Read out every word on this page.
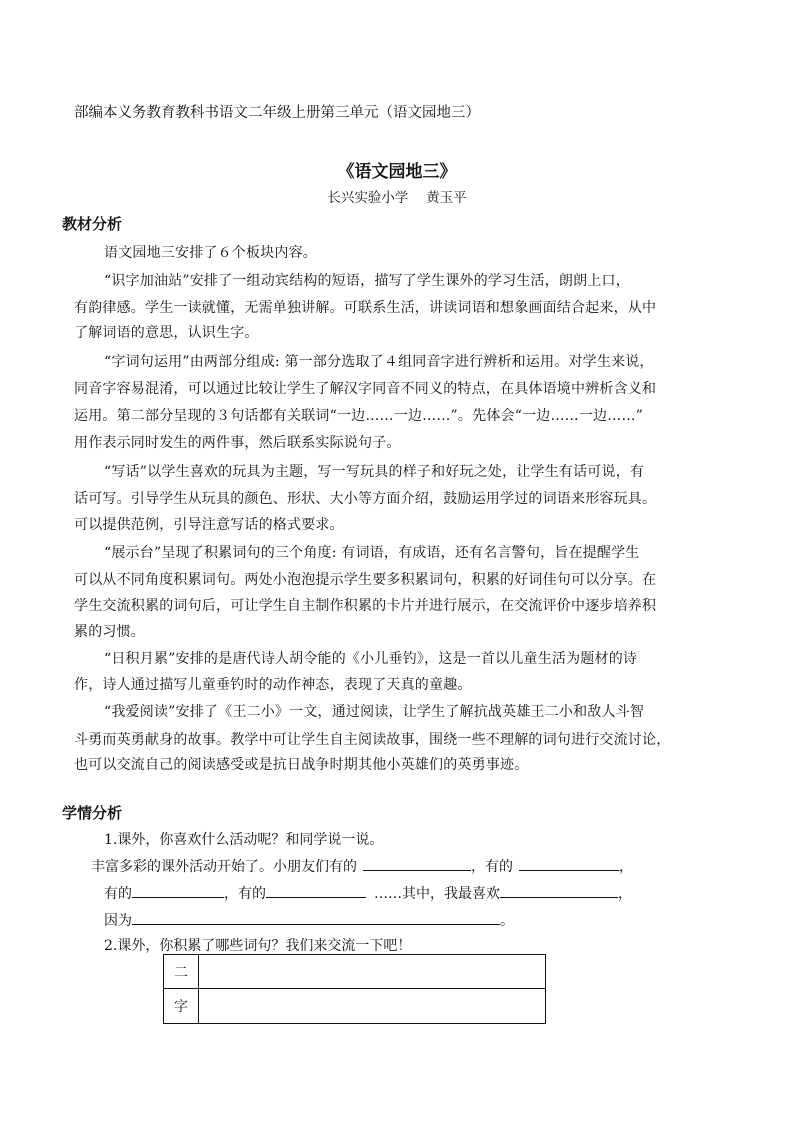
部编本义务教育教科书语文二年级上册第三单元（语文园地三）
《语文园地三》
长兴实验小学　 黄玉平
教材分析
语文园地三安排了６个板块内容。
“识字加油站”安排了一组动宾结构的短语，描写了学生课外的学习生活，朗朗上口，
有韵律感。学生一读就懂，无需单独讲解。可联系生活，讲读词语和想象画面结合起来，从中
了解词语的意思，认识生字。
“字词句运用”由两部分组成: 第一部分选取了４组同音字进行辨析和运用。对学生来说，
同音字容易混淆，可以通过比较让学生了解汉字同音不同义的特点，在具体语境中辨析含义和
运用。第二部分呈现的３句话都有关联词“一边……一边……”。先体会“一边……一边……”
用作表示同时发生的两件事，然后联系实际说句子。
“写话”以学生喜欢的玩具为主题，写一写玩具的样子和好玩之处，让学生有话可说，有
话可写。引导学生从玩具的颜色、形状、大小等方面介绍，鼓励运用学过的词语来形容玩具。
可以提供范例，引导注意写话的格式要求。
“展示台”呈现了积累词句的三个角度: 有词语，有成语，还有名言警句，旨在提醒学生
可以从不同角度积累词句。两处小泡泡提示学生要多积累词句，积累的好词佳句可以分享。在
学生交流积累的词句后，可让学生自主制作积累的卡片并进行展示，在交流评价中逐步培养积
累的习惯。
“日积月累”安排的是唐代诗人胡令能的《小儿垂钓》，这是一首以儿童生活为题材的诗
作，诗人通过描写儿童垂钓时的动作神态，表现了天真的童趣。
“我爱阅读”安排了《王二小》一文，通过阅读，让学生了解抗战英雄王二小和敌人斗智
斗勇而英勇献身的故事。教学中可让学生自主阅读故事，围绕一些不理解的词句进行交流讨论，
也可以交流自己的阅读感受或是抗日战争时期其他小英雄们的英勇事迹。
学情分析
1.课外，你喜欢什么活动呢？和同学说一说。
丰富多彩的课外活动开始了。小朋友们有的	，有的	，
有的	，有的	……其中，我最喜欢	，
因为	。
2.课外，你积累了哪些词句？我们来交流一下吧！
二	
字	
